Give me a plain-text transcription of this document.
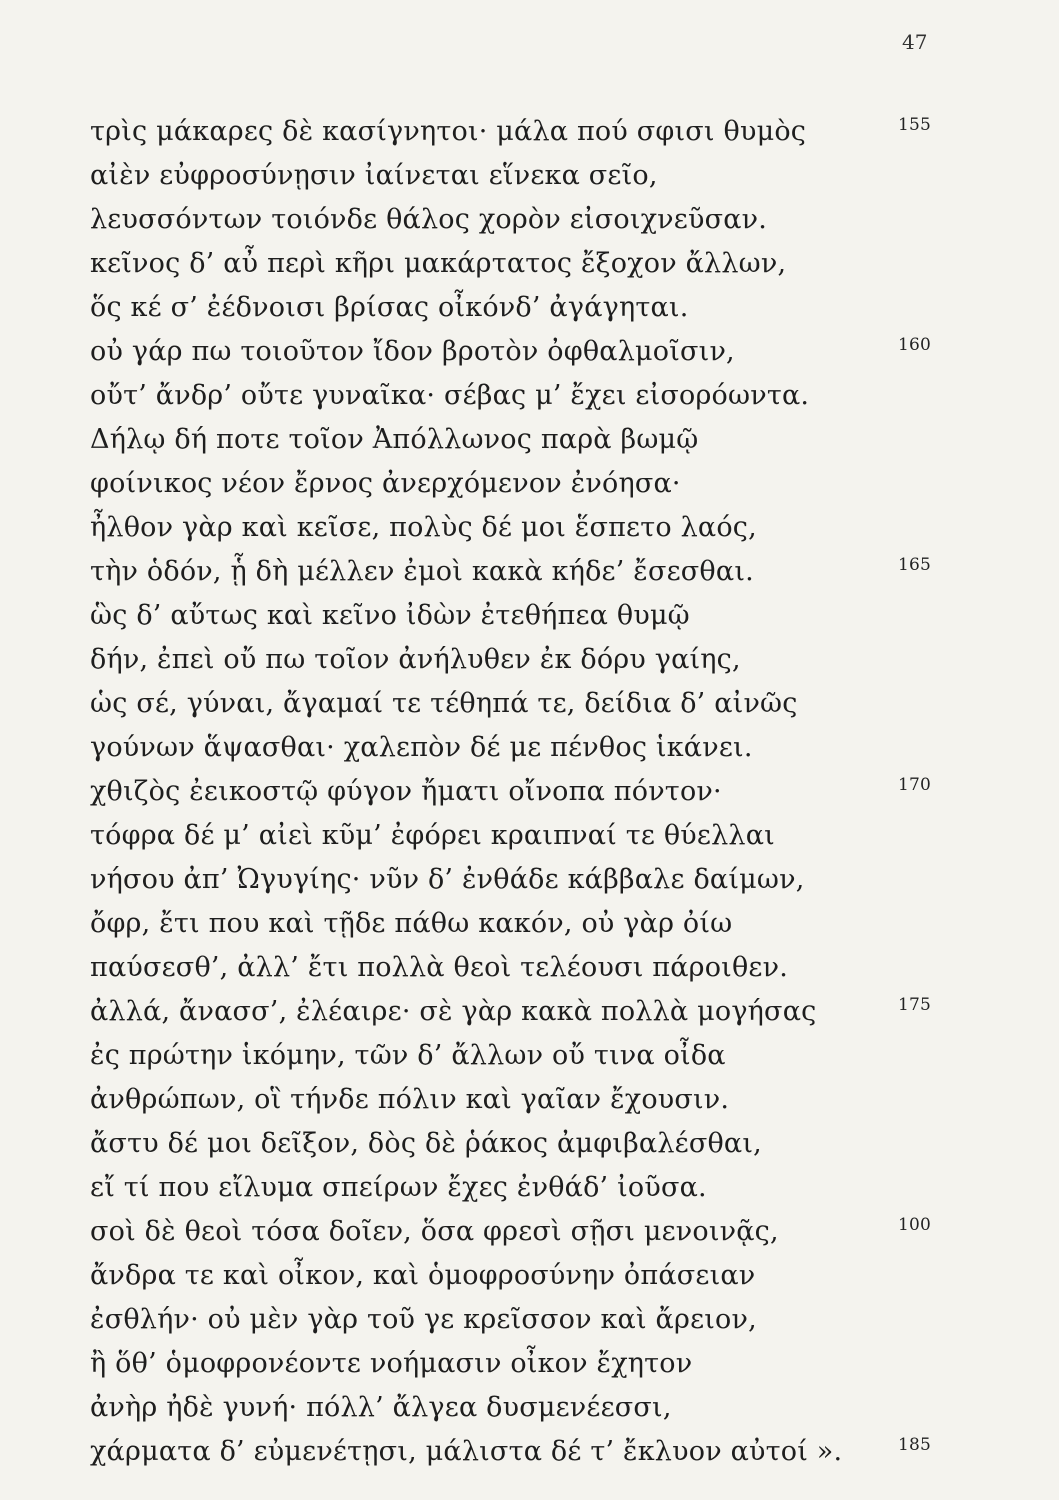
47
τρὶς μάκαρες δὲ κασίγνητοι· μάλα πού σφισι θυμὸς	155
αἰὲν εὐφροσύνῃσιν ἰαίνεται εἵνεκα σεῖο,
λευσσόντων τοιόνδε θάλος χορὸν εἰσοιχνεῦσαν.
κεῖνος δ’ αὖ περὶ κῆρι μακάρτατος ἔξοχον ἄλλων,
ὅς κέ σ’ ἐέδνοισι βρίσας οἶκόνδ’ ἀγάγηται.
οὐ γάρ πω τοιοῦτον ἴδον βροτὸν ὀφθαλμοῖσιν,	160
οὔτ’ ἄνδρ’ οὔτε γυναῖκα· σέβας μ’ ἔχει εἰσορόωντα.
Δήλῳ δή ποτε τοῖον Ἀπόλλωνος παρὰ βωμῷ
φοίνικος νέον ἔρνος ἀνερχόμενον ἐνόησα·
ἦλθον γὰρ καὶ κεῖσε, πολὺς δέ μοι ἕσπετο λαός,
τὴν ὁδόν, ᾗ δὴ μέλλεν ἐμοὶ κακὰ κήδε’ ἔσεσθαι.	165
ὣς δ’ αὔτως καὶ κεῖνο ἰδὼν ἐτεθήπεα θυμῷ
δήν, ἐπεὶ οὔ πω τοῖον ἀνήλυθεν ἐκ δόρυ γαίης,
ὡς σέ, γύναι, ἄγαμαί τε τέθηπά τε, δείδια δ’ αἰνῶς
γούνων ἅψασθαι· χαλεπὸν δέ με πένθος ἱκάνει.
χθιζὸς ἐεικοστῷ φύγον ἤματι οἴνοπα πόντον·	170
τόφρα δέ μ’ αἰεὶ κῦμ’ ἐφόρει κραιπναί τε θύελλαι
νήσου ἀπ’ Ὠγυγίης· νῦν δ’ ἐνθάδε κάββαλε δαίμων,
ὄφρ, ἔτι που καὶ τῇδε πάθω κακόν, οὐ γὰρ ὀίω
παύσεσθ’, ἀλλ’ ἔτι πολλὰ θεοὶ τελέουσι πάροιθεν.
ἀλλά, ἄνασσ’, ἐλέαιρε· σὲ γὰρ κακὰ πολλὰ μογήσας	175
ἐς πρώτην ἱκόμην, τῶν δ’ ἄλλων οὔ τινα οἶδα
ἀνθρώπων, οἳ τήνδε πόλιν καὶ γαῖαν ἔχουσιν.
ἄστυ δέ μοι δεῖξον, δὸς δὲ ῥάκος ἀμφιβαλέσθαι,
εἴ τί που εἴλυμα σπείρων ἔχες ἐνθάδ’ ἰοῦσα.
σοὶ δὲ θεοὶ τόσα δοῖεν, ὅσα φρεσὶ σῇσι μενοινᾷς,	100
ἄνδρα τε καὶ οἶκον, καὶ ὁμοφροσύνην ὀπάσειαν
ἐσθλήν· οὐ μὲν γὰρ τοῦ γε κρεῖσσον καὶ ἄρειον,
ἢ ὅθ’ ὁμοφρονέοντε νοήμασιν οἶκον ἔχητον
ἀνὴρ ἠδὲ γυνή· πόλλ’ ἄλγεα δυσμενέεσσι,
χάρματα δ’ εὐμενέτῃσι, μάλιστα δέ τ’ ἔκλυον αὐτοί ».	185
